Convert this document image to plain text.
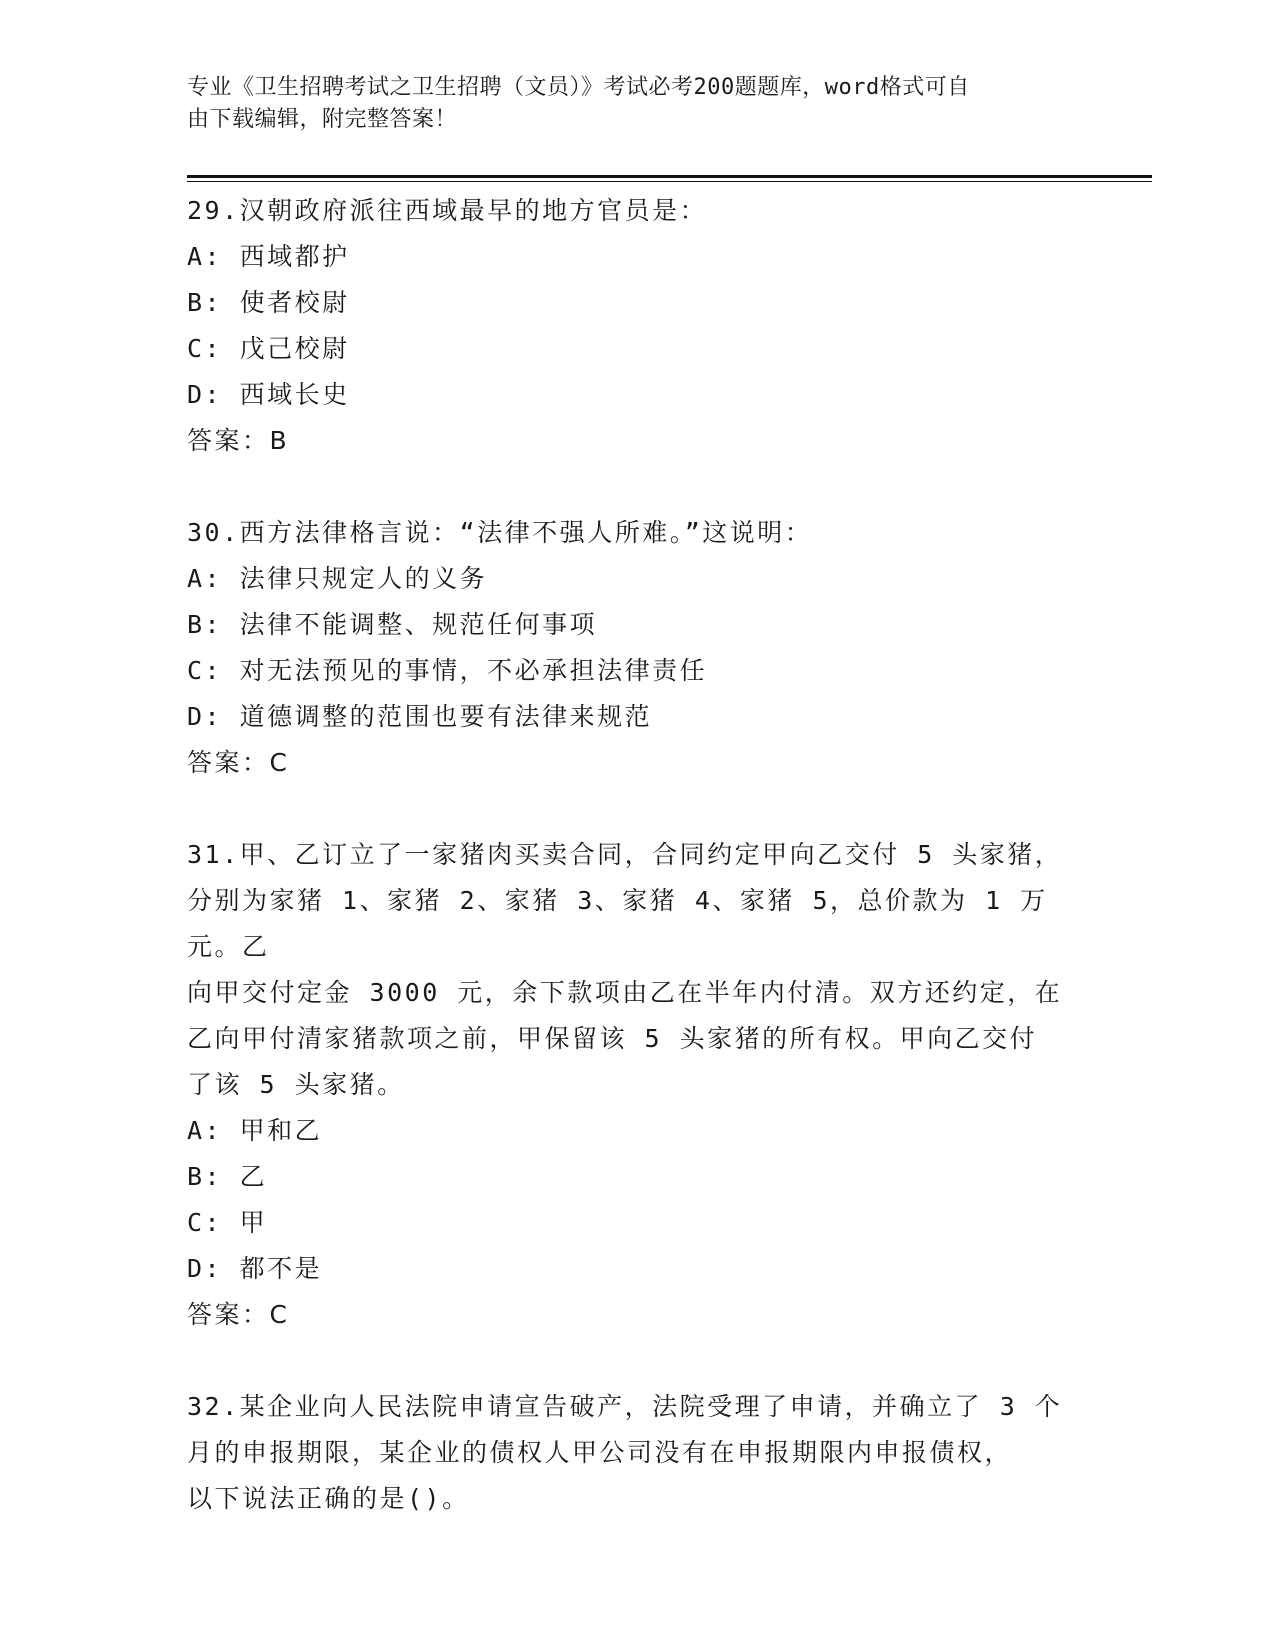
专业《卫生招聘考试之卫生招聘（文员）》考试必考200题题库，word格式可自
由下载编辑，附完整答案！
29.汉朝政府派往西域最早的地方官员是：
A: 西域都护
B: 使者校尉
C: 戊己校尉
D: 西域长史
答案：B
30.西方法律格言说：“法律不强人所难。”这说明：
A: 法律只规定人的义务
B: 法律不能调整、规范任何事项
C: 对无法预见的事情，不必承担法律责任
D: 道德调整的范围也要有法律来规范
答案：C
31.甲、乙订立了一家猪肉买卖合同，合同约定甲向乙交付 5 头家猪，
分别为家猪 1、家猪 2、家猪 3、家猪 4、家猪 5，总价款为 1 万元。乙
向甲交付定金 3000 元，余下款项由乙在半年内付清。双方还约定，在
乙向甲付清家猪款项之前，甲保留该 5 头家猪的所有权。甲向乙交付
了该 5 头家猪。
A: 甲和乙
B: 乙
C: 甲
D: 都不是
答案：C
32.某企业向人民法院申请宣告破产，法院受理了申请，并确立了 3 个
月的申报期限，某企业的债权人甲公司没有在申报期限内申报债权，
以下说法正确的是()。
